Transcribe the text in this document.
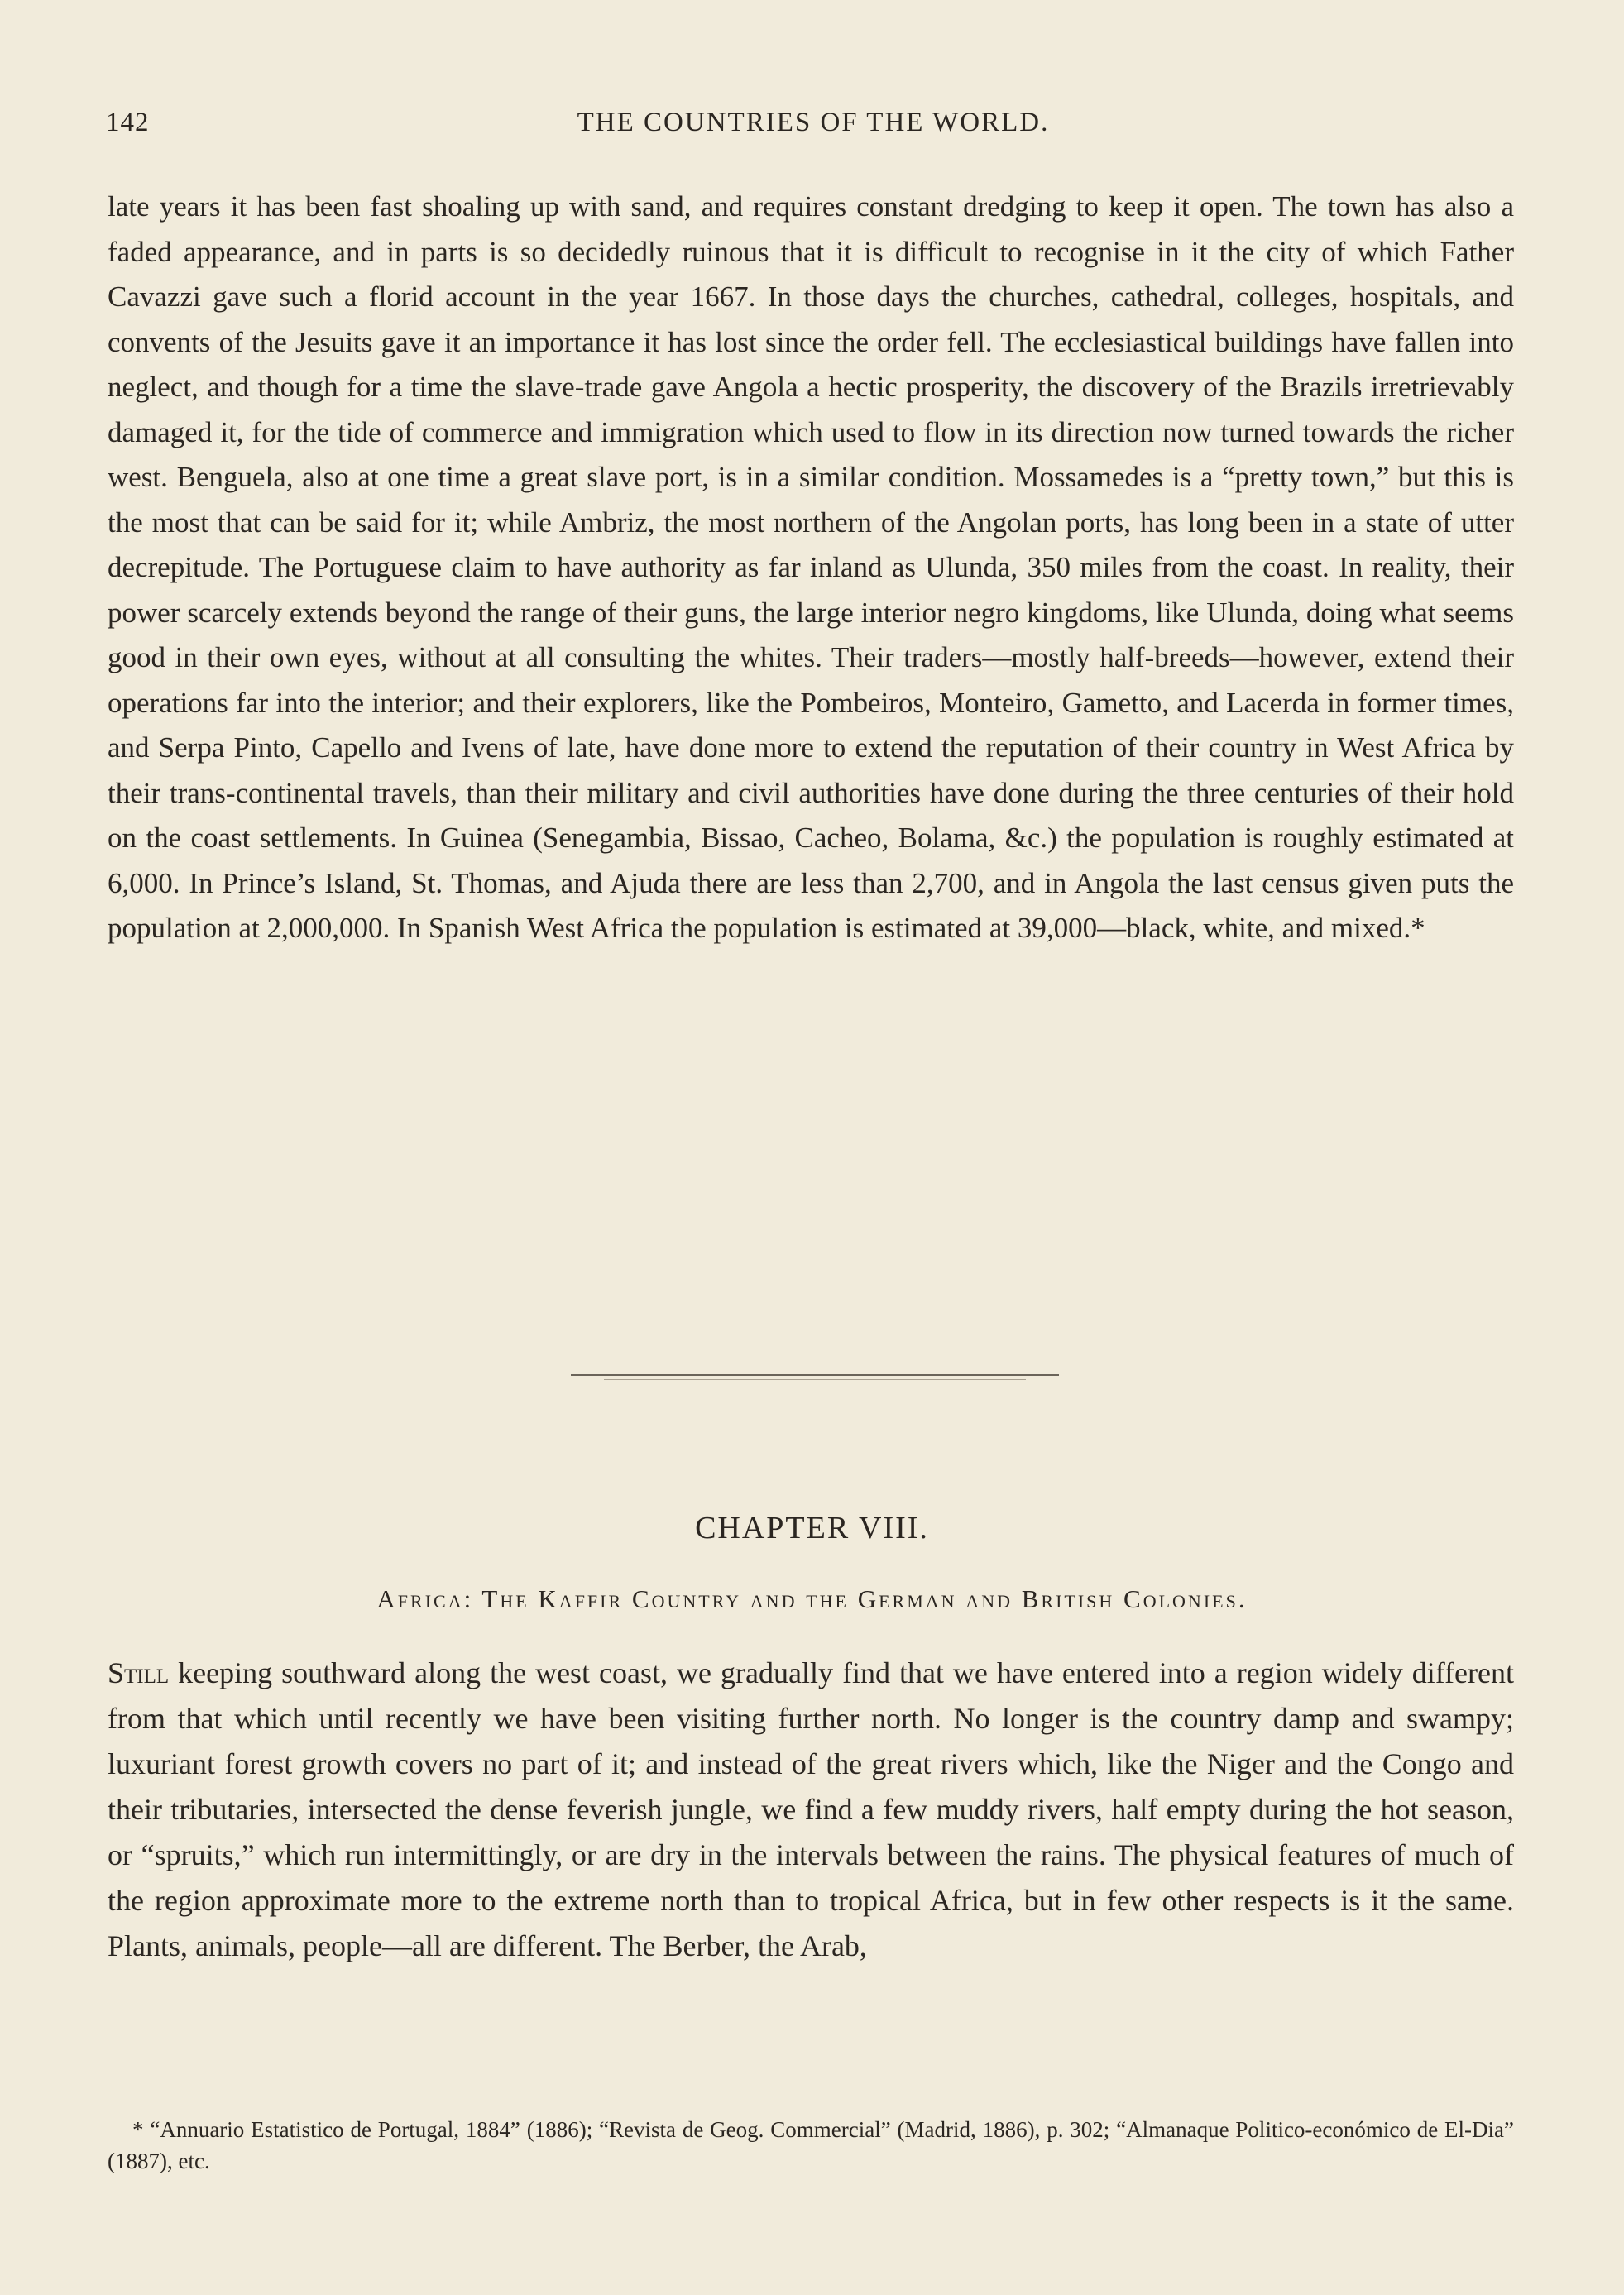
142	THE COUNTRIES OF THE WORLD.

late years it has been fast shoaling up with sand, and requires constant dredging to keep it open. The town has also a faded appearance, and in parts is so decidedly ruinous that it is difficult to recognise in it the city of which Father Cavazzi gave such a florid account in the year 1667. In those days the churches, cathedral, colleges, hospitals, and convents of the Jesuits gave it an importance it has lost since the order fell. The ecclesiastical buildings have fallen into neglect, and though for a time the slave-trade gave Angola a hectic prosperity, the discovery of the Brazils irretrievably damaged it, for the tide of commerce and immigration which used to flow in its direction now turned towards the richer west. Benguela, also at one time a great slave port, is in a similar condition. Mossamedes is a “pretty town,” but this is the most that can be said for it; while Ambriz, the most northern of the Angolan ports, has long been in a state of utter decrepitude. The Portuguese claim to have authority as far inland as Ulunda, 350 miles from the coast. In reality, their power scarcely extends beyond the range of their guns, the large interior negro kingdoms, like Ulunda, doing what seems good in their own eyes, without at all consulting the whites. Their traders—mostly half-breeds—however, extend their operations far into the interior; and their explorers, like the Pombeiros, Monteiro, Gametto, and Lacerda in former times, and Serpa Pinto, Capello and Ivens of late, have done more to extend the reputation of their country in West Africa by their trans-continental travels, than their military and civil authorities have done during the three centuries of their hold on the coast settlements. In Guinea (Senegambia, Bissao, Cacheo, Bolama, &c.) the population is roughly estimated at 6,000. In Prince’s Island, St. Thomas, and Ajuda there are less than 2,700, and in Angola the last census given puts the population at 2,000,000. In Spanish West Africa the population is estimated at 39,000—black, white, and mixed.*

CHAPTER VIII.
Africa: The Kaffir Country and the German and British Colonies.

Still keeping southward along the west coast, we gradually find that we have entered into a region widely different from that which until recently we have been visiting further north. No longer is the country damp and swampy; luxuriant forest growth covers no part of it; and instead of the great rivers which, like the Niger and the Congo and their tributaries, intersected the dense feverish jungle, we find a few muddy rivers, half empty during the hot season, or “spruits,” which run intermittingly, or are dry in the intervals between the rains. The physical features of much of the region approximate more to the extreme north than to tropical Africa, but in few other respects is it the same. Plants, animals, people—all are different. The Berber, the Arab,

* “Annuario Estatistico de Portugal, 1884” (1886); “Revista de Geog. Commercial” (Madrid, 1886), p. 302; “Almanaque Politico-económico de El-Dia” (1887), etc.
